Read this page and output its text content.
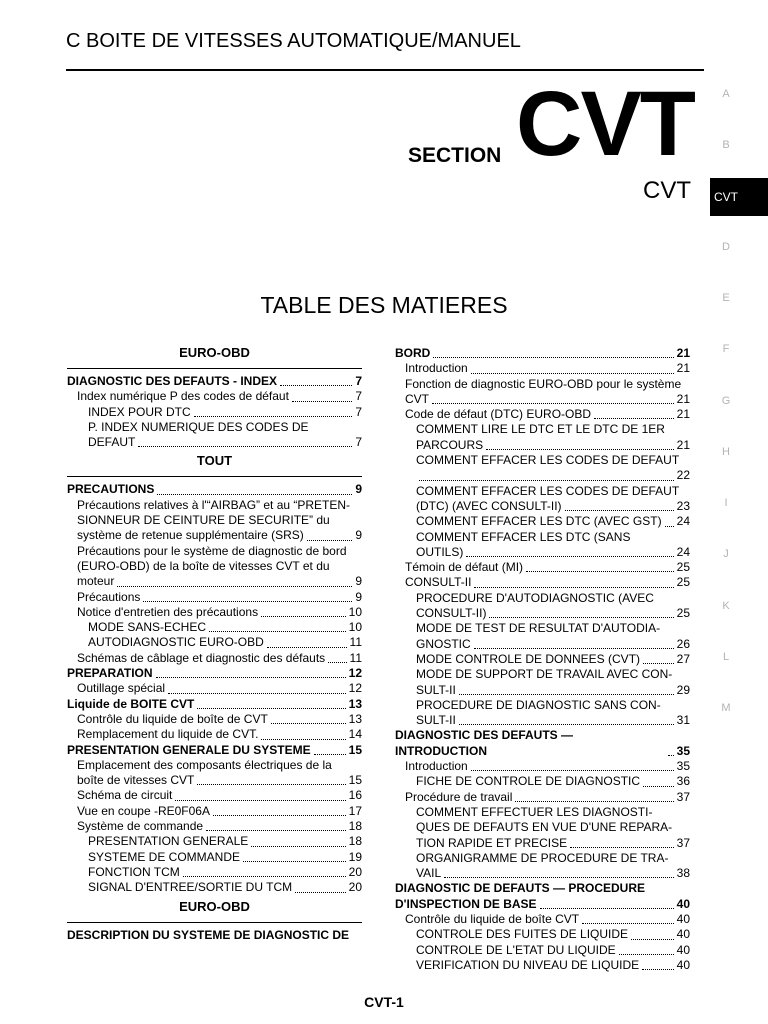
C BOITE DE VITESSES AUTOMATIQUE/MANUEL
SECTION CVT
CVT
TABLE DES MATIERES
A
B
D
E
F
G
H
I
J
K
L
M
CVT
EURO-OBD
DIAGNOSTIC DES DEFAUTS - INDEX	7
Index numérique P des codes de défaut	7
INDEX POUR DTC	7
P. INDEX NUMERIQUE DES CODES DE
DEFAUT	7
TOUT
PRECAUTIONS	9
Précautions relatives à l'“AIRBAG” et au “PRETEN-
SIONNEUR DE CEINTURE DE SECURITE” du
système de retenue supplémentaire (SRS)	9
Précautions pour le système de diagnostic de bord
(EURO-OBD) de la boîte de vitesses CVT et du
moteur	9
Précautions	9
Notice d'entretien des précautions	10
MODE SANS-ECHEC	10
AUTODIAGNOSTIC EURO-OBD	11
Schémas de câblage et diagnostic des défauts 11
PREPARATION	12
Outillage spécial	12
Liquide de BOITE CVT	13
Contrôle du liquide de boîte de CVT	13
Remplacement du liquide de CVT.	14
PRESENTATION GENERALE DU SYSTEME	15
Emplacement des composants électriques de la
boîte de vitesses CVT	15
Schéma de circuit	16
Vue en coupe -RE0F06A	17
Système de commande	18
PRESENTATION GENERALE	18
SYSTEME DE COMMANDE	19
FONCTION TCM	20
SIGNAL D'ENTREE/SORTIE DU TCM	20
EURO-OBD
DESCRIPTION DU SYSTEME DE DIAGNOSTIC DE
BORD	21
Introduction	21
Fonction de diagnostic EURO-OBD pour le système
CVT	21
Code de défaut (DTC) EURO-OBD	21
COMMENT LIRE LE DTC ET LE DTC DE 1ER
PARCOURS	21
COMMENT EFFACER LES CODES DE DEFAUT
22
COMMENT EFFACER LES CODES DE DEFAUT
(DTC) (AVEC CONSULT-II)	23
COMMENT EFFACER LES DTC (AVEC GST) 24
COMMENT EFFACER LES DTC (SANS
OUTILS)	24
Témoin de défaut (MI)	25
CONSULT-II	25
PROCEDURE D'AUTODIAGNOSTIC (AVEC
CONSULT-II)	25
MODE DE TEST DE RESULTAT D'AUTODIA-
GNOSTIC	26
MODE CONTROLE DE DONNEES (CVT)	27
MODE DE SUPPORT DE TRAVAIL AVEC CON-
SULT-II	29
PROCEDURE DE DIAGNOSTIC SANS CON-
SULT-II	31
DIAGNOSTIC DES DEFAUTS — INTRODUCTION	35
Introduction	35
FICHE DE CONTROLE DE DIAGNOSTIC	36
Procédure de travail	37
COMMENT EFFECTUER LES DIAGNOSTI-
QUES DE DEFAUTS EN VUE D'UNE REPARA-
TION RAPIDE ET PRECISE	37
ORGANIGRAMME DE PROCEDURE DE TRA-
VAIL	38
DIAGNOSTIC DE DEFAUTS — PROCEDURE
D'INSPECTION DE BASE	40
Contrôle du liquide de boîte CVT	40
CONTROLE DES FUITES DE LIQUIDE	40
CONTROLE DE L'ETAT DU LIQUIDE	40
VERIFICATION DU NIVEAU DE LIQUIDE	40
CVT-1
